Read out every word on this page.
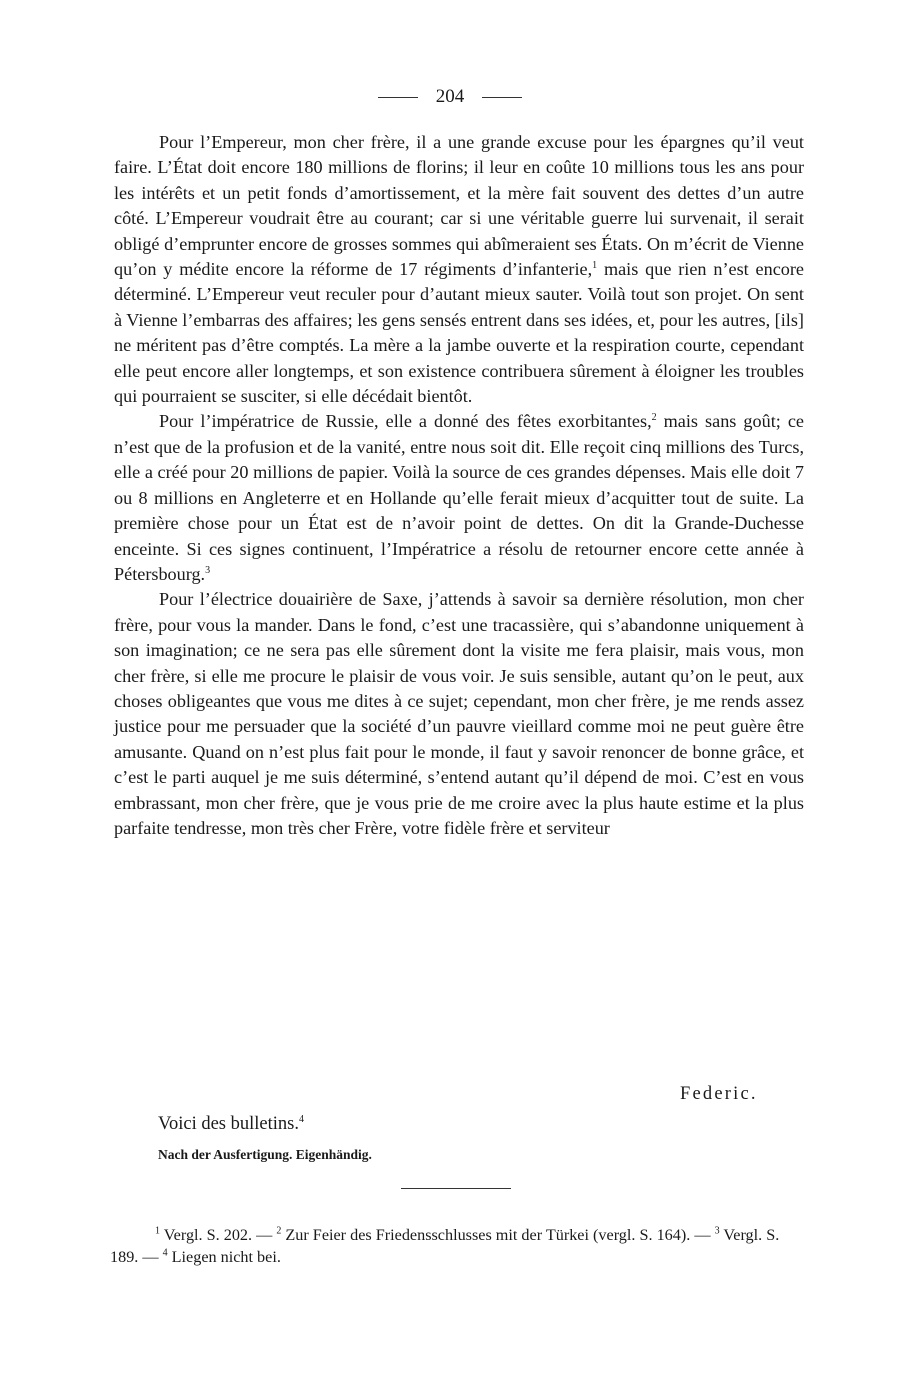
204

Pour l’Empereur, mon cher frère, il a une grande excuse pour les épargnes qu’il veut faire. L’État doit encore 180 millions de florins; il leur en coûte 10 millions tous les ans pour les intérêts et un petit fonds d’amortissement, et la mère fait souvent des dettes d’un autre côté. L’Empereur voudrait être au courant; car si une véritable guerre lui survenait, il serait obligé d’emprunter encore de grosses sommes qui abîmeraient ses États. On m’écrit de Vienne qu’on y médite encore la réforme de 17 régiments d’infanterie,$^1$ mais que rien n’est encore déterminé. L’Empereur veut reculer pour d’autant mieux sauter. Voilà tout son projet. On sent à Vienne l’embarras des affaires; les gens sensés entrent dans ses idées, et, pour les autres, [ils] ne méritent pas d’être comptés. La mère a la jambe ouverte et la respiration courte, cependant elle peut encore aller longtemps, et son existence contribuera sûrement à éloigner les troubles qui pourraient se susciter, si elle décédait bientôt.

Pour l’impératrice de Russie, elle a donné des fêtes exorbitantes,$^2$ mais sans goût; ce n’est que de la profusion et de la vanité, entre nous soit dit. Elle reçoit cinq millions des Turcs, elle a créé pour 20 millions de papier. Voilà la source de ces grandes dépenses. Mais elle doit 7 ou 8 millions en Angleterre et en Hollande qu’elle ferait mieux d’acquitter tout de suite. La première chose pour un État est de n’avoir point de dettes. On dit la Grande-Duchesse enceinte. Si ces signes continuent, l’Impératrice a résolu de retourner encore cette année à Pétersbourg.$^3$

Pour l’électrice douairière de Saxe, j’attends à savoir sa dernière résolution, mon cher frère, pour vous la mander. Dans le fond, c’est une tracassière, qui s’abandonne uniquement à son imagination; ce ne sera pas elle sûrement dont la visite me fera plaisir, mais vous, mon cher frère, si elle me procure le plaisir de vous voir. Je suis sensible, autant qu’on le peut, aux choses obligeantes que vous me dites à ce sujet; cependant, mon cher frère, je me rends assez justice pour me persuader que la société d’un pauvre vieillard comme moi ne peut guère être amusante. Quand on n’est plus fait pour le monde, il faut y savoir renoncer de bonne grâce, et c’est le parti auquel je me suis déterminé, s’entend autant qu’il dépend de moi. C’est en vous embrassant, mon cher frère, que je vous prie de me croire avec la plus haute estime et la plus parfaite tendresse, mon très cher Frère, votre fidèle frère et serviteur

Federic.
Voici des bulletins.$^4$
Nach der Ausfertigung. Eigenhändig.

$^1$ Vergl. S. 202. — $^2$ Zur Feier des Friedensschlusses mit der Türkei (vergl. S. 164). — $^3$ Vergl. S. 189. — $^4$ Liegen nicht bei.
